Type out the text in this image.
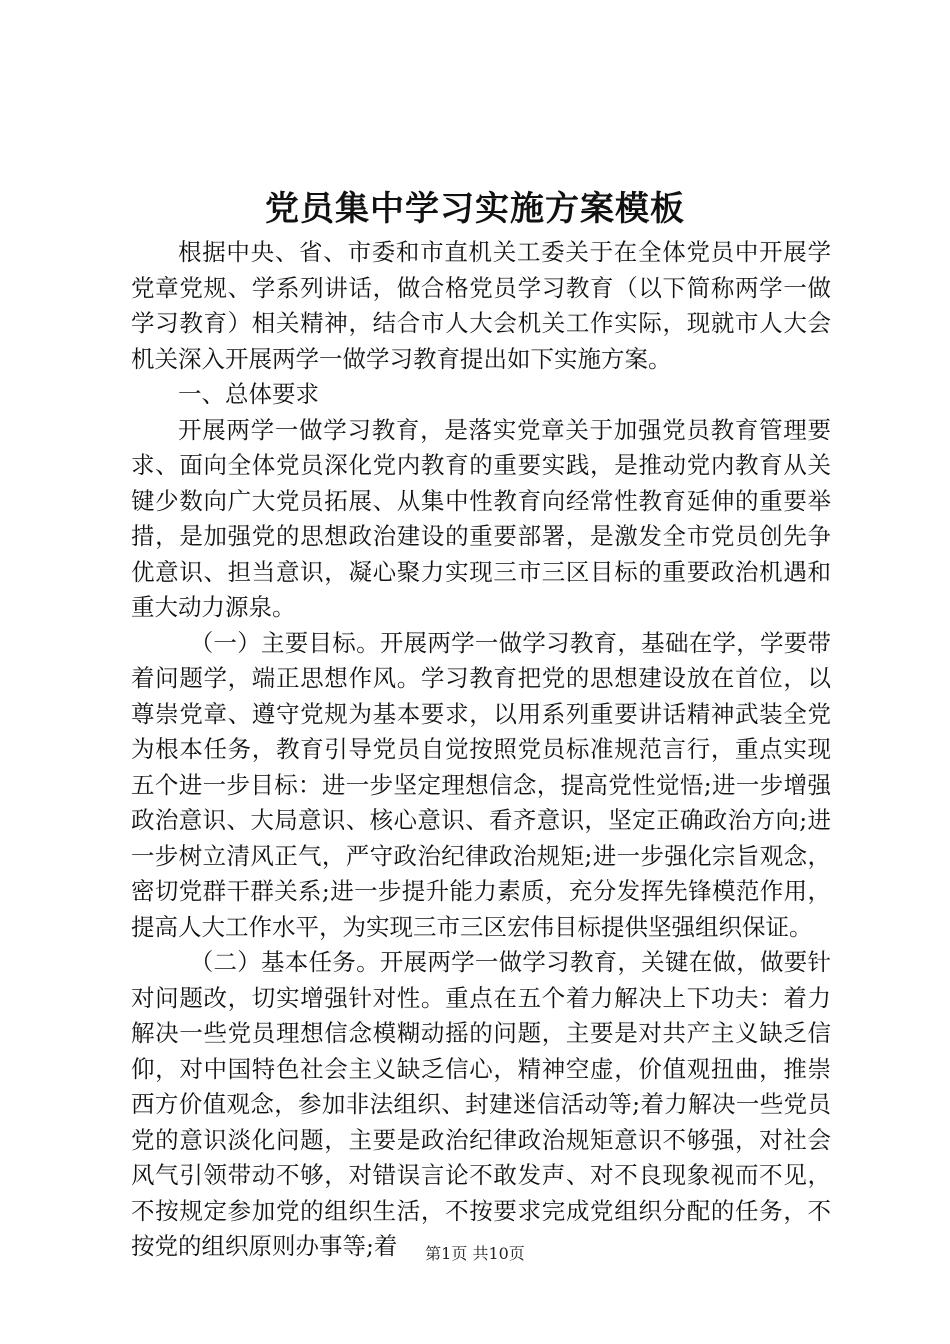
党员集中学习实施方案模板

根据中央、省、市委和市直机关工委关于在全体党员中开展学党章党规、学系列讲话，做合格党员学习教育（以下简称两学一做学习教育）相关精神，结合市人大会机关工作实际，现就市人大会机关深入开展两学一做学习教育提出如下实施方案。

一、总体要求

开展两学一做学习教育，是落实党章关于加强党员教育管理要求、面向全体党员深化党内教育的重要实践，是推动党内教育从关键少数向广大党员拓展、从集中性教育向经常性教育延伸的重要举措，是加强党的思想政治建设的重要部署，是激发全市党员创先争优意识、担当意识，凝心聚力实现三市三区目标的重要政治机遇和重大动力源泉。

（一）主要目标。开展两学一做学习教育，基础在学，学要带着问题学，端正思想作风。学习教育把党的思想建设放在首位，以尊崇党章、遵守党规为基本要求，以用系列重要讲话精神武装全党为根本任务，教育引导党员自觉按照党员标准规范言行，重点实现五个进一步目标：进一步坚定理想信念，提高党性觉悟;进一步增强政治意识、大局意识、核心意识、看齐意识，坚定正确政治方向;进一步树立清风正气，严守政治纪律政治规矩;进一步强化宗旨观念，密切党群干群关系;进一步提升能力素质，充分发挥先锋模范作用，提高人大工作水平，为实现三市三区宏伟目标提供坚强组织保证。

（二）基本任务。开展两学一做学习教育，关键在做，做要针对问题改，切实增强针对性。重点在五个着力解决上下功夫：着力解决一些党员理想信念模糊动摇的问题，主要是对共产主义缺乏信仰，对中国特色社会主义缺乏信心，精神空虚，价值观扭曲，推崇西方价值观念，参加非法组织、封建迷信活动等;着力解决一些党员党的意识淡化问题，主要是政治纪律政治规矩意识不够强，对社会风气引领带动不够，对错误言论不敢发声、对不良现象视而不见，不按规定参加党的组织生活，不按要求完成党组织分配的任务，不按党的组织原则办事等;着	第1页 共10页
